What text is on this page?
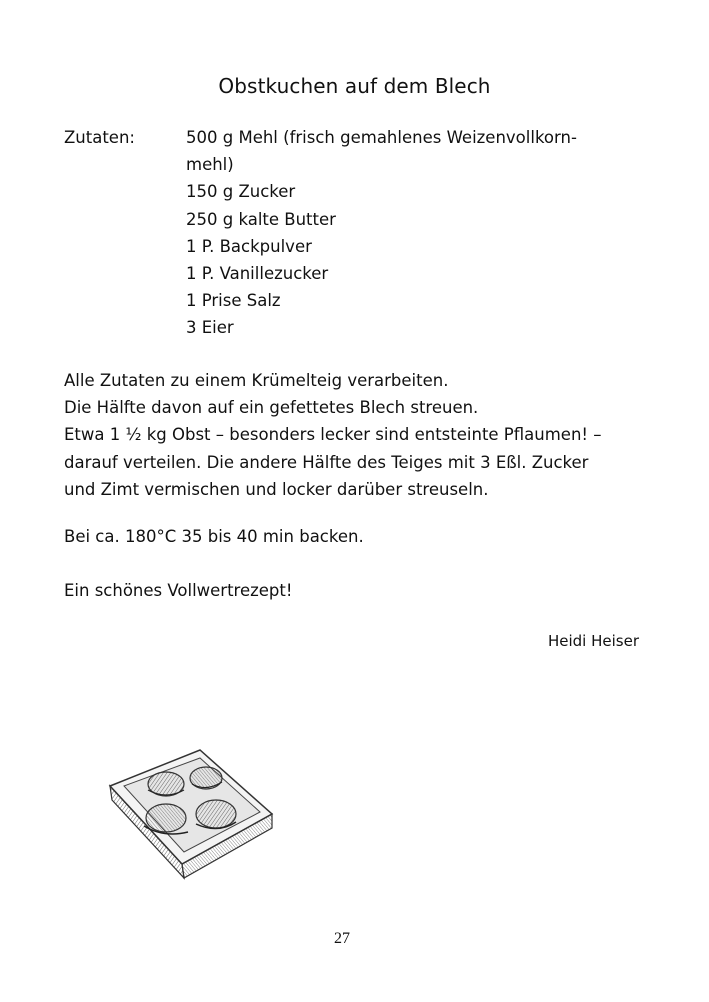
Obstkuchen auf dem Blech
Zutaten:	500 g Mehl (frisch gemahlenes Weizenvollkorn-
mehl)
150 g Zucker
250 g kalte Butter
1 P. Backpulver
1 P. Vanillezucker
1 Prise Salz
3 Eier
Alle Zutaten zu einem Krümelteig verarbeiten.
Die Hälfte davon auf ein gefettetes Blech streuen.
Etwa 1 ½ kg Obst – besonders lecker sind entsteinte Pflaumen! –
darauf verteilen. Die andere Hälfte des Teiges mit 3 Eßl. Zucker
und Zimt vermischen und locker darüber streuseln.
Bei ca. 180°C 35 bis 40 min backen.
Ein schönes Vollwertrezept!
Heidi Heiser
27
